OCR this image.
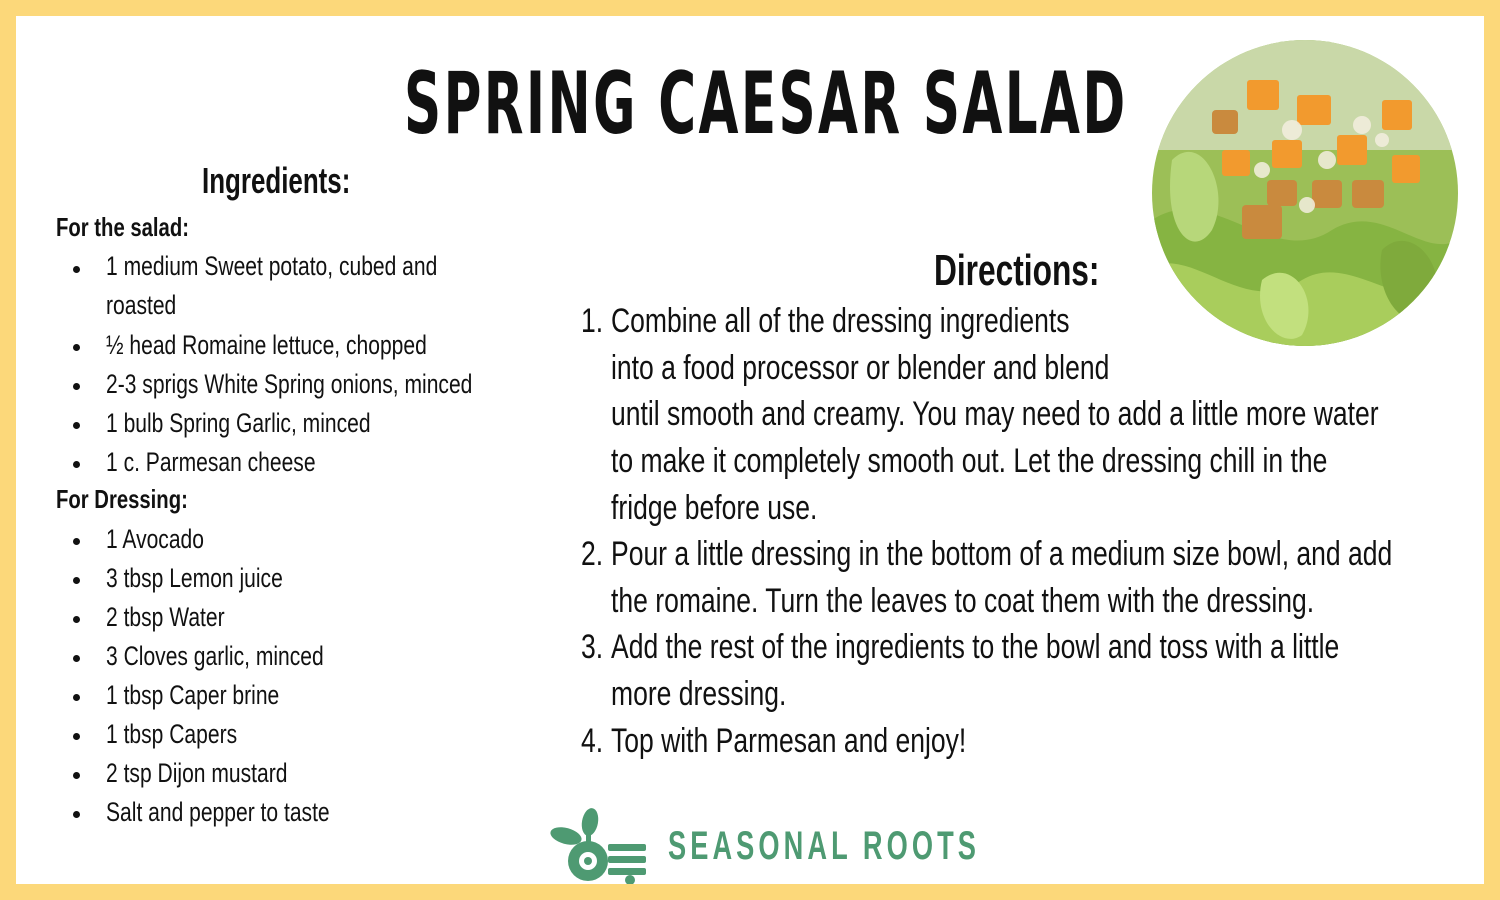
SPRING CAESAR SALAD
Ingredients:
For the salad:
1 medium Sweet potato, cubed and
roasted
½ head Romaine lettuce, chopped
2-3 sprigs White Spring onions, minced
1 bulb Spring Garlic, minced
1 c. Parmesan cheese
For Dressing:
1 Avocado
3 tbsp Lemon juice
2 tbsp Water
3 Cloves garlic, minced
1 tbsp Caper brine
1 tbsp Capers
2 tsp Dijon mustard
Salt and pepper to taste
Directions:
1. Combine all of the dressing ingredients
into a food processor or blender and blend
until smooth and creamy. You may need to add a little more water
to make it completely smooth out. Let the dressing chill in the
fridge before use.
2. Pour a little dressing in the bottom of a medium size bowl, and add
the romaine. Turn the leaves to coat them with the dressing.
3. Add the rest of the ingredients to the bowl and toss with a little
more dressing.
4. Top with Parmesan and enjoy!
SEASONAL ROOTS
